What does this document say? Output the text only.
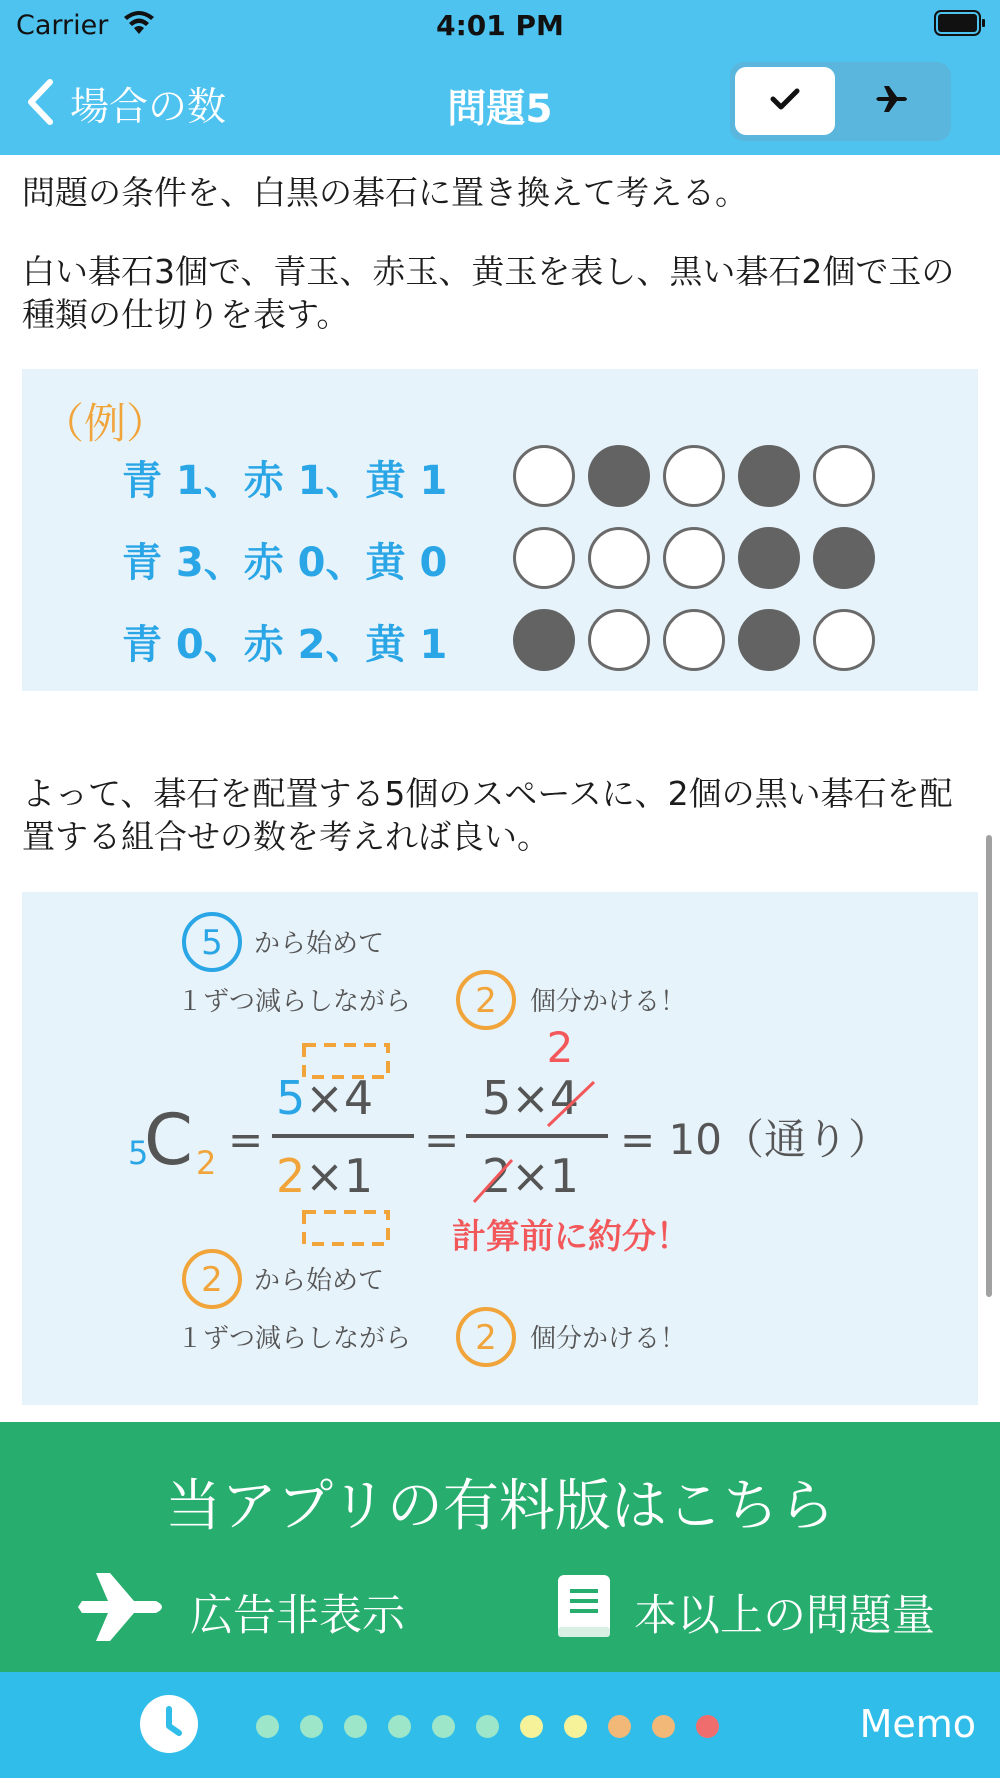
Carrier	4:01 PM
場合の数	問題5

問題の条件を、白黒の碁石に置き換えて考える。

白い碁石3個で、青玉、赤玉、黄玉を表し、黒い碁石2個で玉の種類の仕切りを表す。

（例）
青 1、赤 1、黄 1
青 3、赤 0、黄 0
青 0、赤 2、黄 1

よって、碁石を配置する5個のスペースに、2個の黒い碁石を配置する組合せの数を考えれば良い。

5 から始めて
１ずつ減らしながら 2 個分かける！
5
C 2 =
5×4
2×1
=
5×4
2×1
2
= 10（通り）
計算前に約分！
2 から始めて
１ずつ減らしながら 2 個分かける！
当アプリの有料版はこちら
広告非表示	本以上の問題量
Memo
